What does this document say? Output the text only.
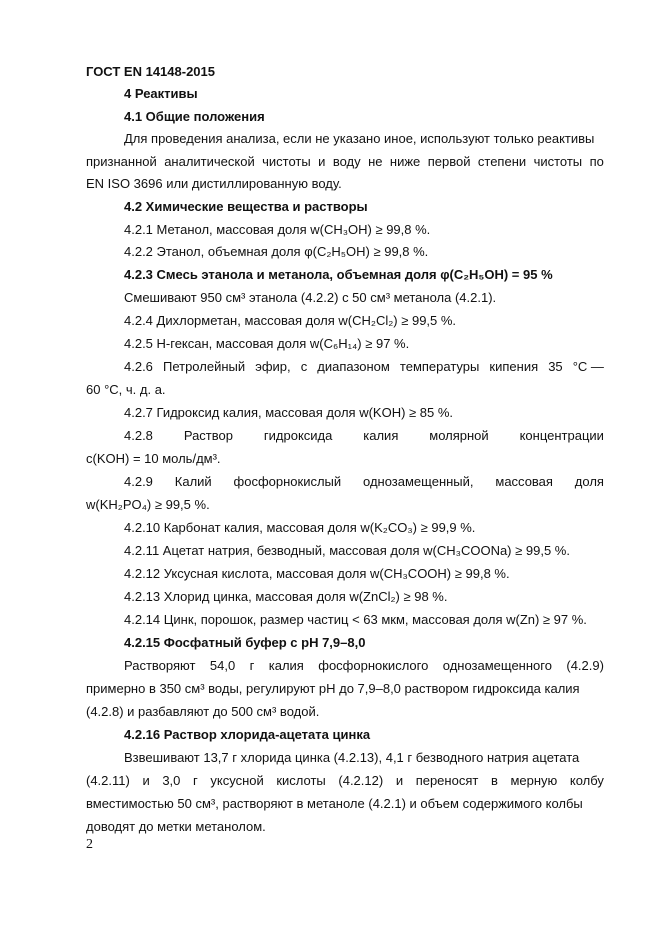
ГОСТ EN 14148-2015
4 Реактивы
4.1 Общие положения
Для проведения анализа, если не указано иное, используют только реактивы
признанной аналитической чистоты и воду не ниже первой степени чистоты по
EN ISO 3696 или дистиллированную воду.
4.2 Химические вещества и растворы
4.2.1 Метанол, массовая доля w(CH₃OH) ≥ 99,8 %.
4.2.2 Этанол, объемная доля φ(C₂H₅OH) ≥ 99,8 %.
4.2.3 Смесь этанола и метанола, объемная доля φ(C₂H₅OH) = 95 %
Смешивают 950 см³ этанола (4.2.2) с 50 см³ метанола (4.2.1).
4.2.4 Дихлорметан, массовая доля w(CH₂Cl₂) ≥ 99,5 %.
4.2.5 Н-гексан, массовая доля w(C₆H₁₄) ≥ 97 %.
4.2.6 Петролейный эфир, с диапазоном температуры кипения 35 °С —
60 °С, ч. д. а.
4.2.7 Гидроксид калия, массовая доля w(KOH) ≥ 85 %.
4.2.8 Раствор гидроксида калия молярной концентрации
c(KOH) = 10 моль/дм³.
4.2.9 Калий фосфорнокислый однозамещенный, массовая доля
w(KH₂PO₄) ≥ 99,5 %.
4.2.10 Карбонат калия, массовая доля w(K₂CO₃) ≥ 99,9 %.
4.2.11 Ацетат натрия, безводный, массовая доля w(CH₃COONa) ≥ 99,5 %.
4.2.12 Уксусная кислота, массовая доля w(CH₃COOH) ≥ 99,8 %.
4.2.13 Хлорид цинка, массовая доля w(ZnCl₂) ≥ 98 %.
4.2.14 Цинк, порошок, размер частиц < 63 мкм, массовая доля w(Zn) ≥ 97 %.
4.2.15 Фосфатный буфер с pH 7,9–8,0
Растворяют 54,0 г калия фосфорнокислого однозамещенного (4.2.9)
примерно в 350 см³ воды, регулируют pH до 7,9–8,0 раствором гидроксида калия
(4.2.8) и разбавляют до 500 см³ водой.
4.2.16 Раствор хлорида-ацетата цинка
Взвешивают 13,7 г хлорида цинка (4.2.13), 4,1 г безводного натрия ацетата
(4.2.11) и 3,0 г уксусной кислоты (4.2.12) и переносят в мерную колбу
вместимостью 50 см³, растворяют в метаноле (4.2.1) и объем содержимого колбы
доводят до метки метанолом.
2
